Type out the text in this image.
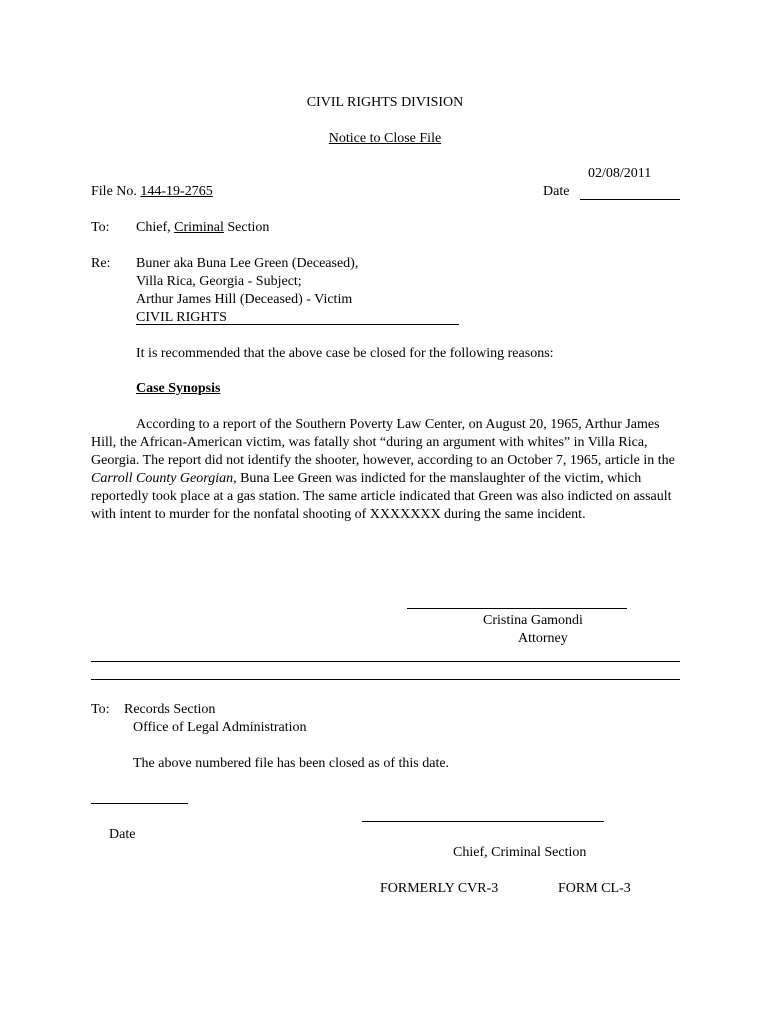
CIVIL RIGHTS DIVISION
Notice to Close File
02/08/2011
File No. 144-19-2765	Date
To: Chief, Criminal Section
Re: Buner aka Buna Lee Green (Deceased),
Villa Rica, Georgia - Subject;
Arthur James Hill (Deceased) - Victim
CIVIL RIGHTS
It is recommended that the above case be closed for the following reasons:
Case Synopsis
According to a report of the Southern Poverty Law Center, on August 20, 1965, Arthur James Hill, the African-American victim, was fatally shot “during an argument with whites” in Villa Rica, Georgia. The report did not identify the shooter, however, according to an October 7, 1965, article in the Carroll County Georgian, Buna Lee Green was indicted for the manslaughter of the victim, which reportedly took place at a gas station. The same article indicated that Green was also indicted on assault with intent to murder for the nonfatal shooting of XXXXXXX during the same incident.
Cristina Gamondi
Attorney
To: Records Section
Office of Legal Administration
The above numbered file has been closed as of this date.
Date
Chief, Criminal Section
FORMERLY CVR-3	FORM CL-3
